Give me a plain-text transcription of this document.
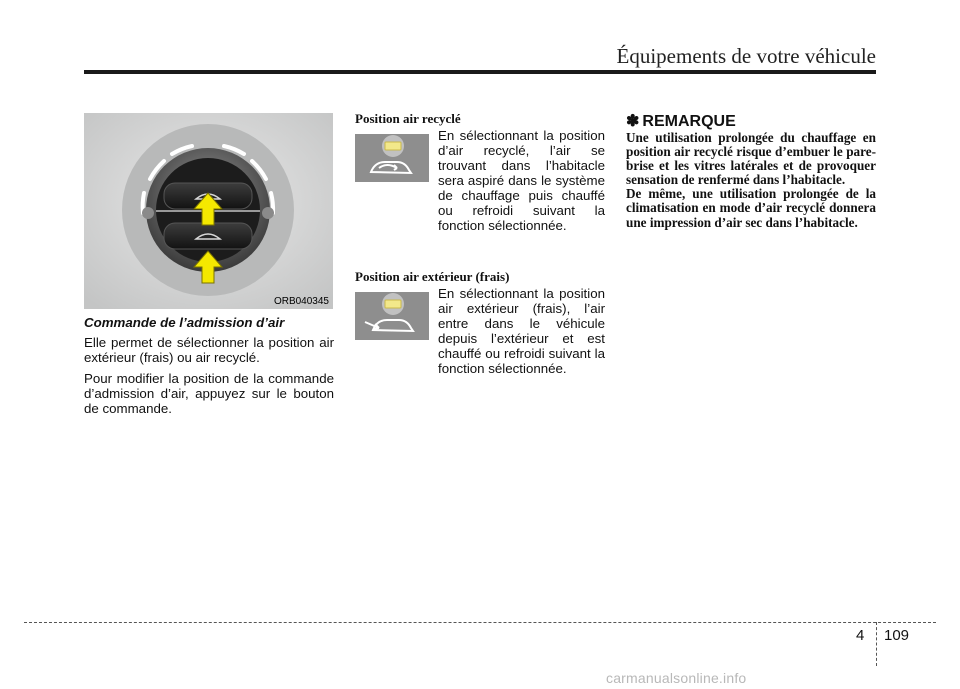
Équipements de votre véhicule
ORB040345
Commande de l’admission d’air

Elle permet de sélectionner la position air extérieur (frais) ou air recyclé.

Pour modifier la position de la commande d’admission d’air, appuyez sur le bouton de commande.

Position air recyclé
En sélectionnant la position d’air recyclé, l’air se trouvant dans l’habitacle sera aspiré dans le système de chauffage puis chauffé ou refroidi suivant la fonction sélectionnée.
Position air extérieur (frais)
En sélectionnant la position air extérieur (frais), l’air entre dans le véhicule depuis l’extérieur et est chauffé ou refroidi suivant la fonction sélectionnée.
✽ REMARQUE

Une utilisation prolongée du chauffage en position air recyclé risque d’embuer le pare-brise et les vitres latérales et de provoquer sensation de renfermé dans l’habitacle.

De même, une utilisation prolongée de la climatisation en mode d’air recyclé donnera une impression d’air sec dans l’habitacle.

4 109
carmanualsonline.info
